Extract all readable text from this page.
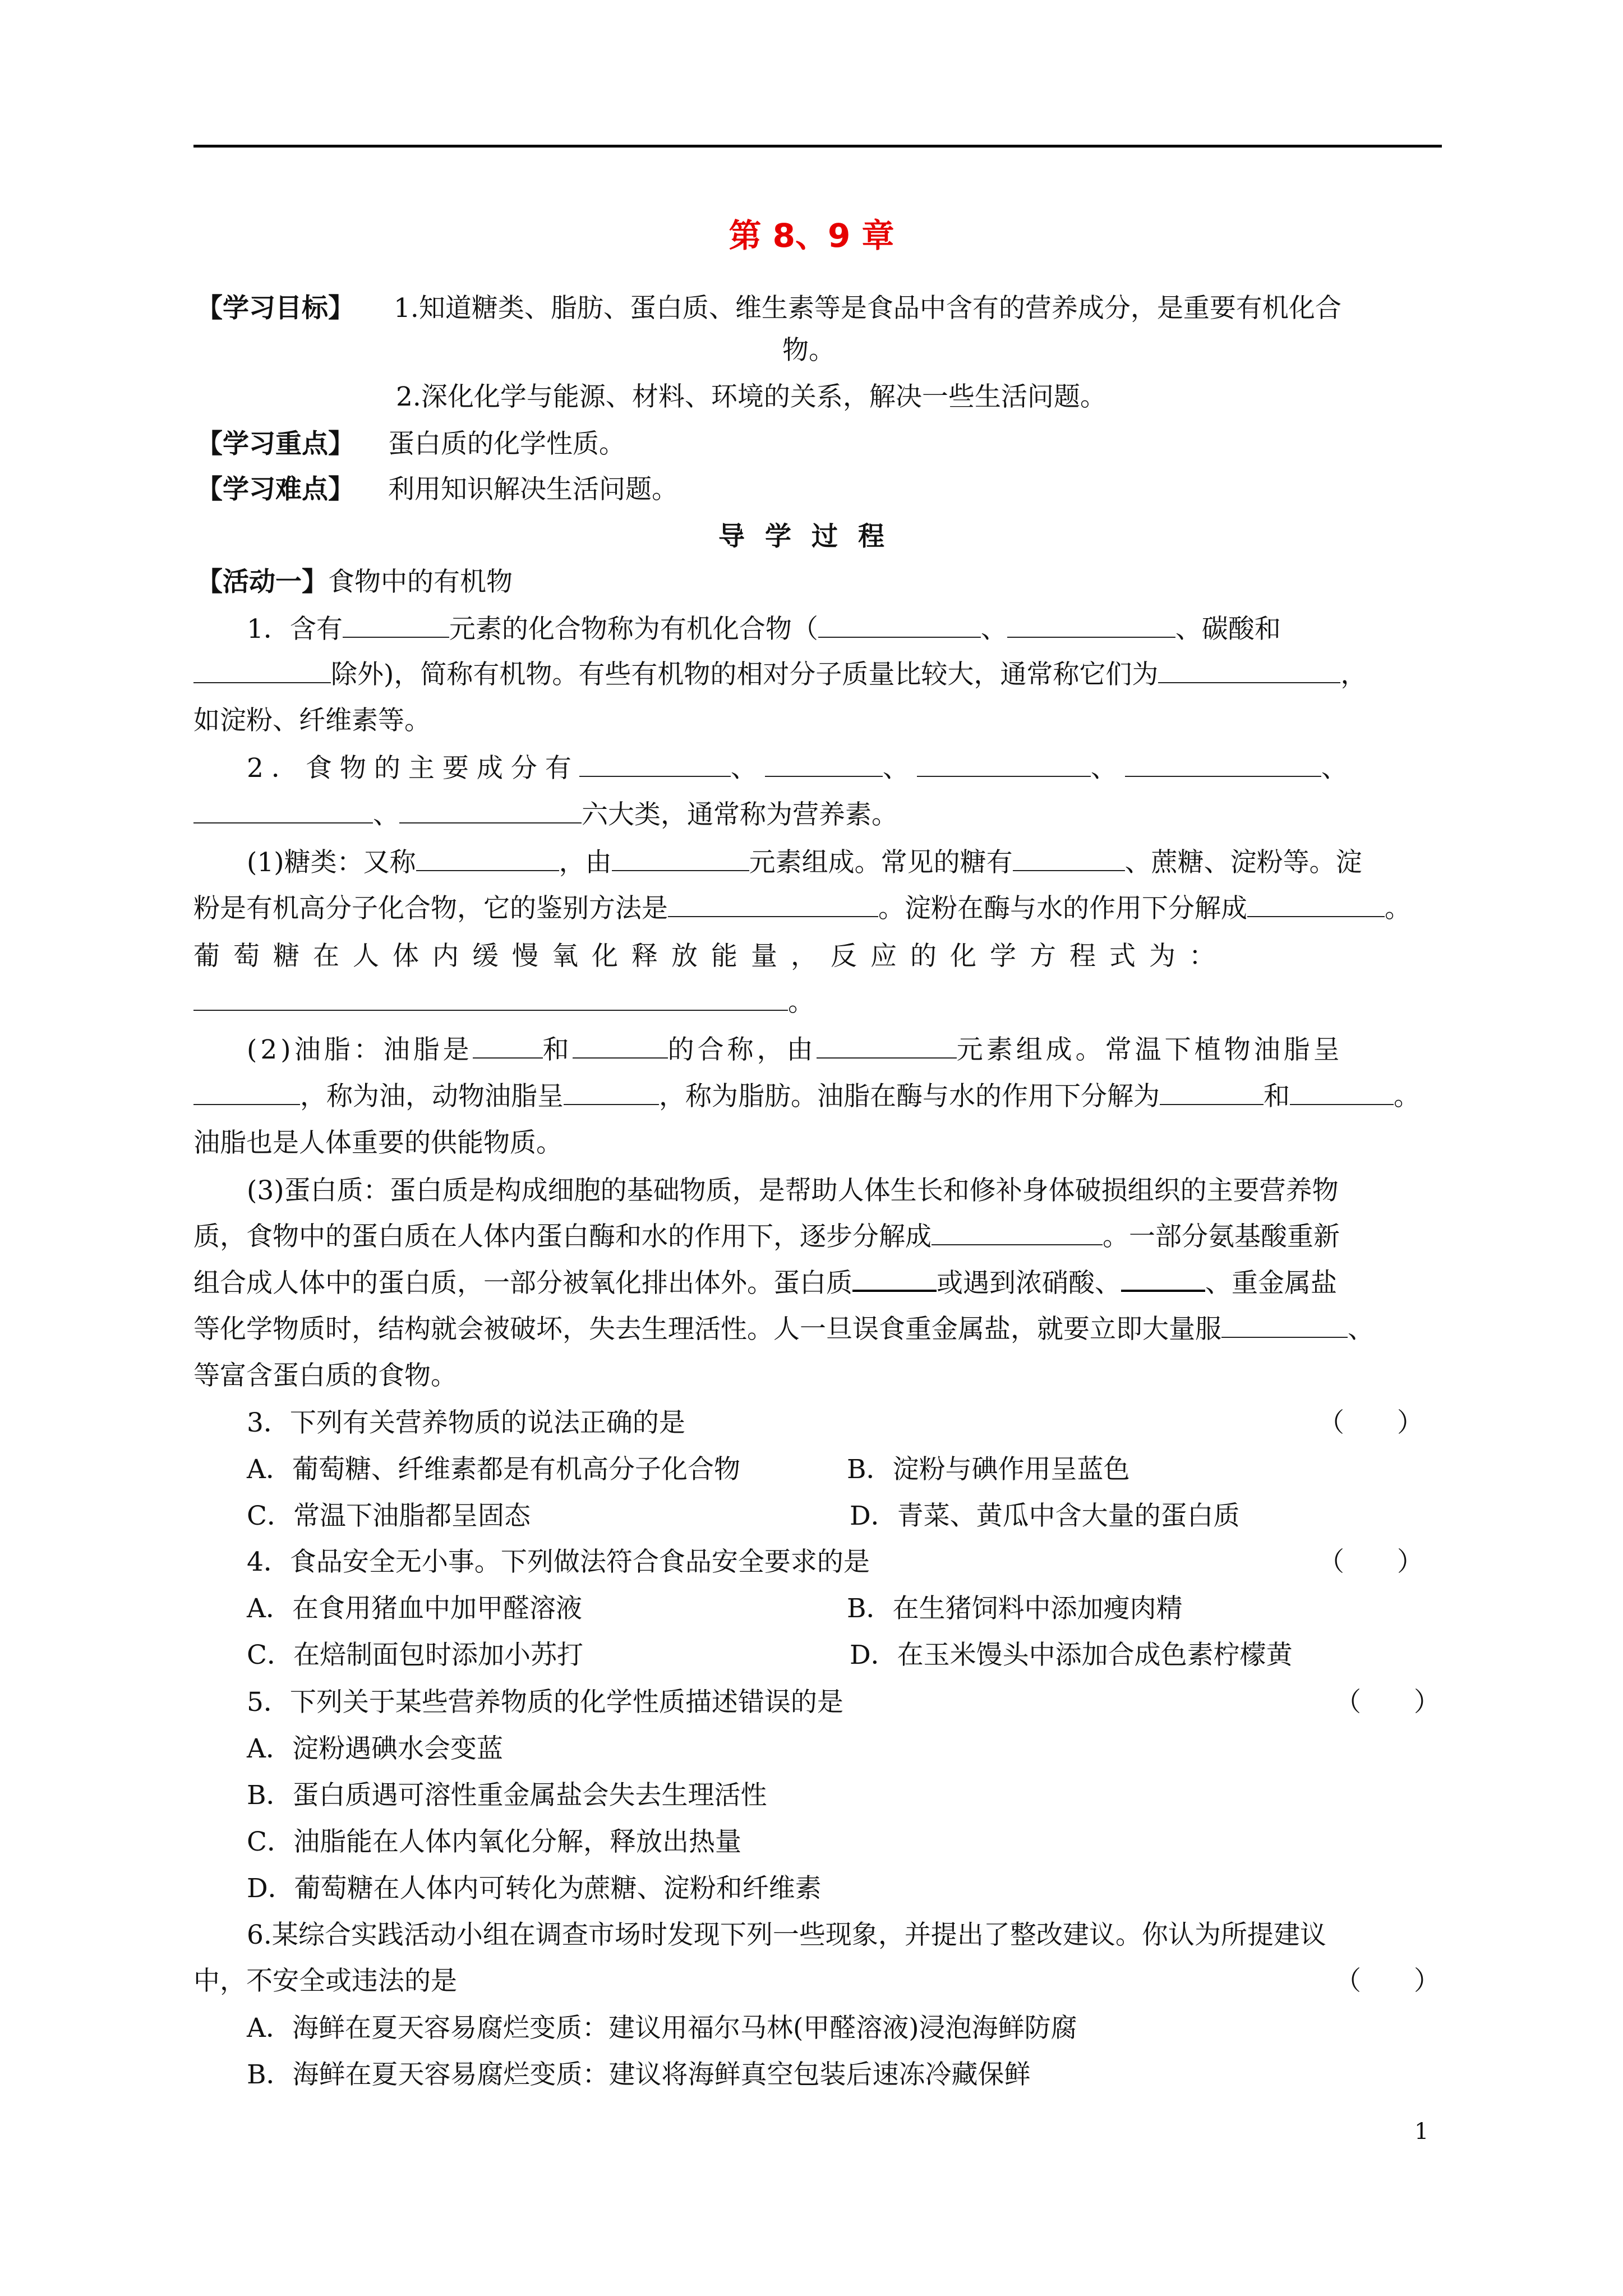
第 8、9 章
【学习目标】 1.知道糖类、脂肪、蛋白质、维生素等是食品中含有的营养成分，是重要有机化合
物。
2.深化化学与能源、材料、环境的关系，解决一些生活问题。
【学习重点】 蛋白质的化学性质。
【学习难点】 利用知识解决生活问题。
导学过程
【活动一】食物中的有机物
1．含有	元素的化合物称为有机化合物（	、	、碳酸和
除外)，简称有机物。有些有机物的相对分子质量比较大，通常称它们为	，
如淀粉、纤维素等。
2．食物的主要成分有	、	、	、	、
、	六大类，通常称为营养素。
(1)糖类：又称	，由	元素组成。常见的糖有	、蔗糖、淀粉等。淀
粉是有机高分子化合物，它的鉴别方法是	。淀粉在酶与水的作用下分解成	。
葡萄糖在人体内缓慢氧化释放能量，反应的化学方程式为：
。
(2)油脂：油脂是	和	的合称，由	元素组成。常温下植物油脂呈
，称为油，动物油脂呈	，称为脂肪。油脂在酶与水的作用下分解为	和	。
油脂也是人体重要的供能物质。
(3)蛋白质：蛋白质是构成细胞的基础物质，是帮助人体生长和修补身体破损组织的主要营养物
质，食物中的蛋白质在人体内蛋白酶和水的作用下，逐步分解成	。一部分氨基酸重新
组合成人体中的蛋白质，一部分被氧化排出体外。蛋白质	或遇到浓硝酸、	、重金属盐
等化学物质时，结构就会被破坏，失去生理活性。人一旦误食重金属盐，就要立即大量服	、
等富含蛋白质的食物。
3．下列有关营养物质的说法正确的是	（　　）
A．葡萄糖、纤维素都是有机高分子化合物	B．淀粉与碘作用呈蓝色
C．常温下油脂都呈固态	D．青菜、黄瓜中含大量的蛋白质
4．食品安全无小事。下列做法符合食品安全要求的是	（　　）
A．在食用猪血中加甲醛溶液	B．在生猪饲料中添加瘦肉精
C．在焙制面包时添加小苏打	D．在玉米馒头中添加合成色素柠檬黄
5．下列关于某些营养物质的化学性质描述错误的是	（　　）
A．淀粉遇碘水会变蓝
B．蛋白质遇可溶性重金属盐会失去生理活性
C．油脂能在人体内氧化分解，释放出热量
D．葡萄糖在人体内可转化为蔗糖、淀粉和纤维素
6.某综合实践活动小组在调查市场时发现下列一些现象，并提出了整改建议。你认为所提建议
中，不安全或违法的是	（　　）
A．海鲜在夏天容易腐烂变质：建议用福尔马林(甲醛溶液)浸泡海鲜防腐
B．海鲜在夏天容易腐烂变质：建议将海鲜真空包装后速冻冷藏保鲜
1
